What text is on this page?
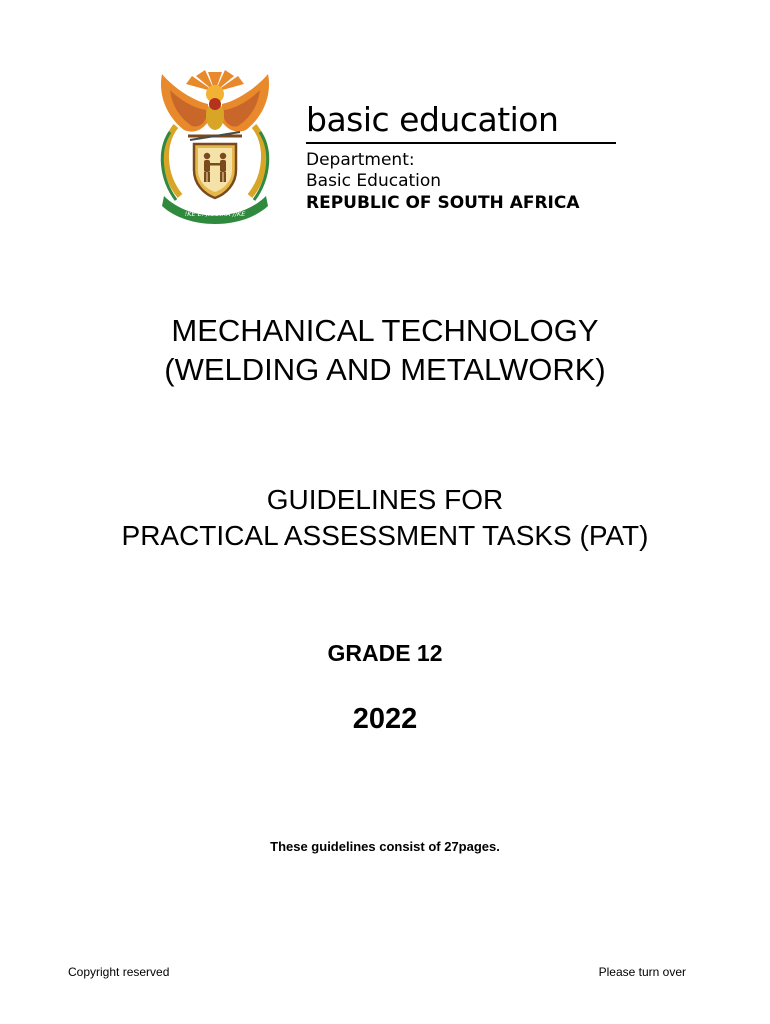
!KE E: /XARRA //KE
basic education
Department:
Basic Education
REPUBLIC OF SOUTH AFRICA
MECHANICAL TECHNOLOGY
(WELDING AND METALWORK)
GUIDELINES FOR
PRACTICAL ASSESSMENT TASKS (PAT)
GRADE 12
2022
These guidelines consist of 27pages.
Copyright reserved	Please turn over
